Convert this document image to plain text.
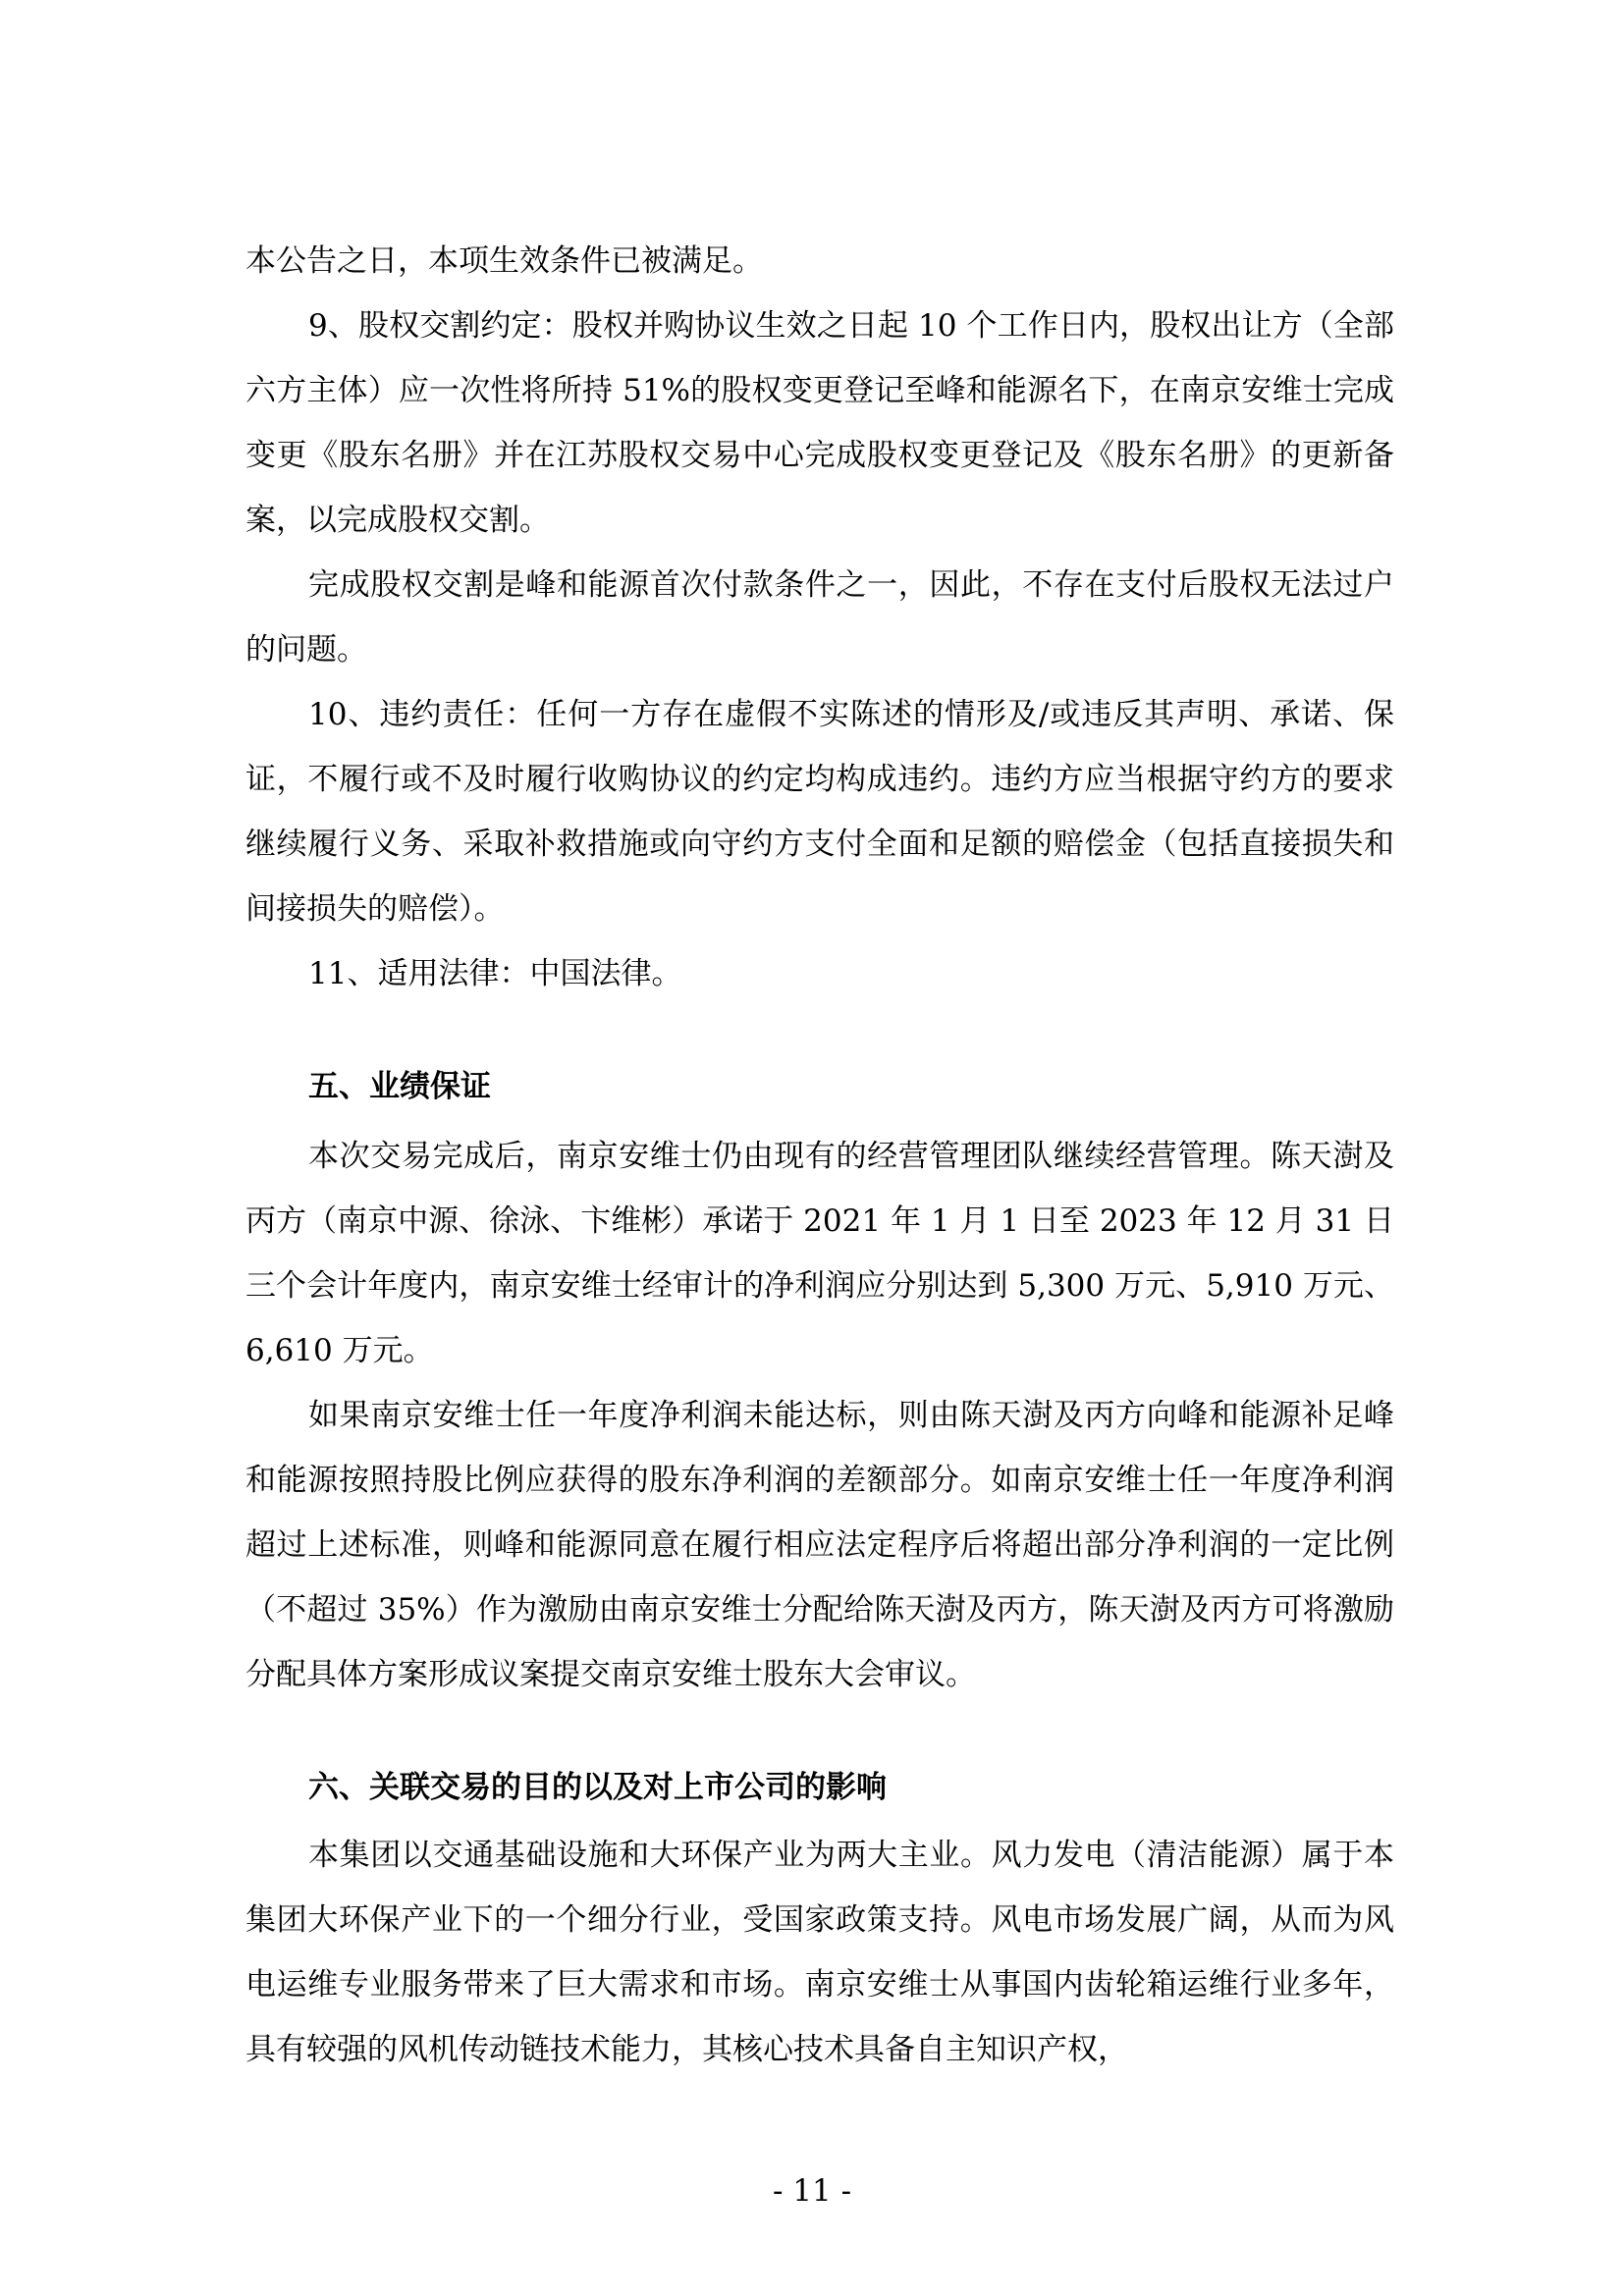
本公告之日，本项生效条件已被满足。

9、股权交割约定：股权并购协议生效之日起 10 个工作日内，股权出让方（全部六方主体）应一次性将所持 51%的股权变更登记至峰和能源名下，在南京安维士完成变更《股东名册》并在江苏股权交易中心完成股权变更登记及《股东名册》的更新备案，以完成股权交割。

完成股权交割是峰和能源首次付款条件之一，因此，不存在支付后股权无法过户的问题。

10、违约责任：任何一方存在虚假不实陈述的情形及/或违反其声明、承诺、保证，不履行或不及时履行收购协议的约定均构成违约。违约方应当根据守约方的要求继续履行义务、采取补救措施或向守约方支付全面和足额的赔偿金（包括直接损失和间接损失的赔偿）。

11、适用法律：中国法律。

五、业绩保证

本次交易完成后，南京安维士仍由现有的经营管理团队继续经营管理。陈天澍及丙方（南京中源、徐泳、卞维彬）承诺于 2021 年 1 月 1 日至 2023 年 12 月 31 日三个会计年度内，南京安维士经审计的净利润应分别达到 5,300 万元、5,910 万元、6,610 万元。

如果南京安维士任一年度净利润未能达标，则由陈天澍及丙方向峰和能源补足峰和能源按照持股比例应获得的股东净利润的差额部分。如南京安维士任一年度净利润超过上述标准，则峰和能源同意在履行相应法定程序后将超出部分净利润的一定比例（不超过 35%）作为激励由南京安维士分配给陈天澍及丙方，陈天澍及丙方可将激励分配具体方案形成议案提交南京安维士股东大会审议。

六、关联交易的目的以及对上市公司的影响

本集团以交通基础设施和大环保产业为两大主业。风力发电（清洁能源）属于本集团大环保产业下的一个细分行业，受国家政策支持。风电市场发展广阔，从而为风电运维专业服务带来了巨大需求和市场。南京安维士从事国内齿轮箱运维行业多年，具有较强的风机传动链技术能力，其核心技术具备自主知识产权，

- 11 -
